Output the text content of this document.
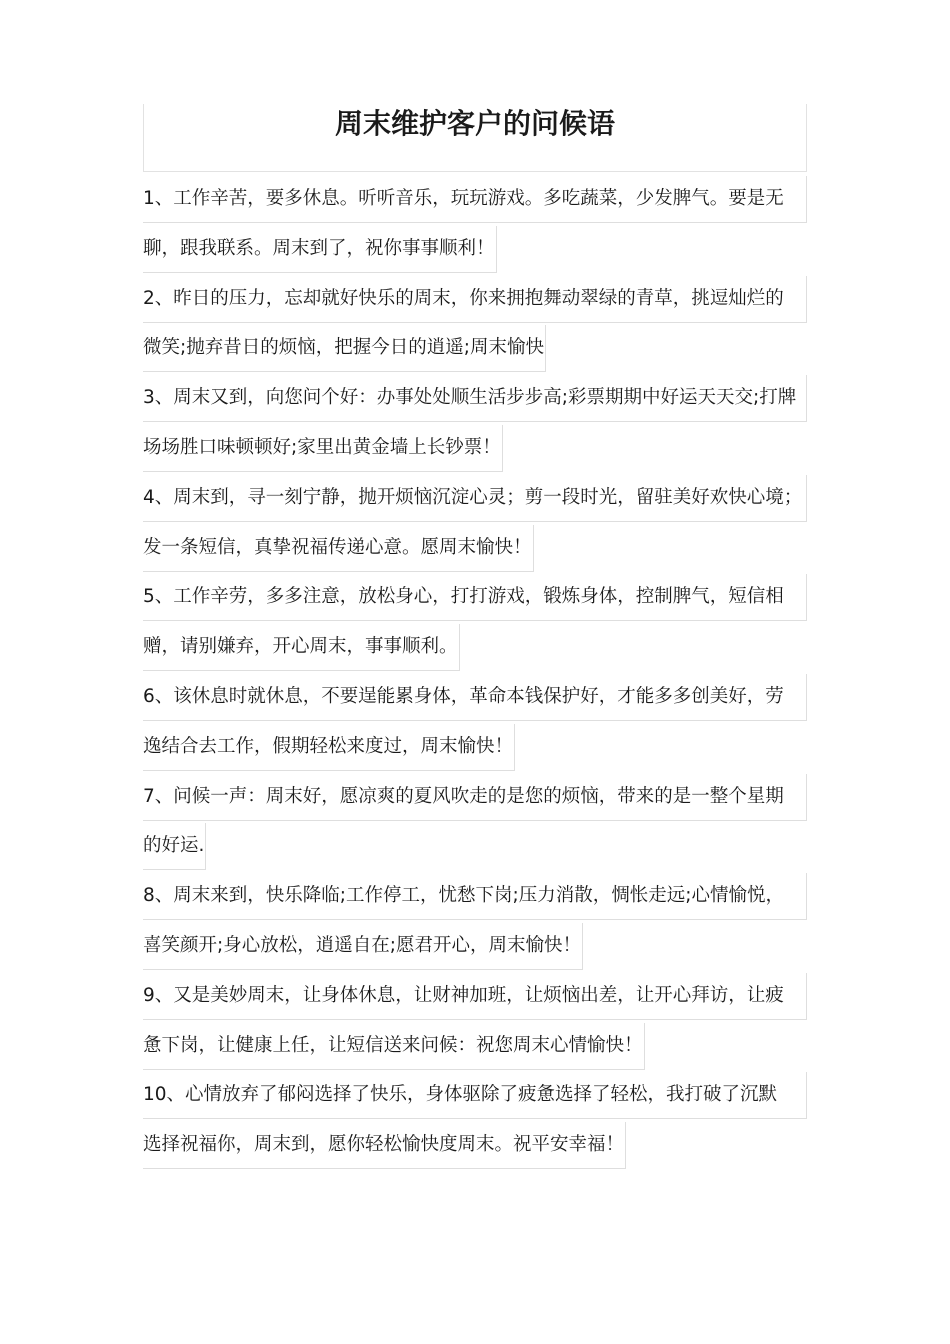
周末维护客户的问候语
1、工作辛苦，要多休息。听听音乐，玩玩游戏。多吃蔬菜，少发脾气。要是无
聊，跟我联系。周末到了，祝你事事顺利！
2、昨日的压力，忘却就好快乐的周末，你来拥抱舞动翠绿的青草，挑逗灿烂的
微笑;抛弃昔日的烦恼，把握今日的逍遥;周末愉快
3、周末又到，向您问个好：办事处处顺生活步步高;彩票期期中好运天天交;打牌
场场胜口味顿顿好;家里出黄金墙上长钞票！
4、周末到，寻一刻宁静，抛开烦恼沉淀心灵；剪一段时光，留驻美好欢快心境；
发一条短信，真挚祝福传递心意。愿周末愉快！
5、工作辛劳，多多注意，放松身心，打打游戏，锻炼身体，控制脾气，短信相
赠，请别嫌弃，开心周末，事事顺利。
6、该休息时就休息，不要逞能累身体，革命本钱保护好，才能多多创美好，劳
逸结合去工作，假期轻松来度过，周末愉快！
7、问候一声：周末好，愿凉爽的夏风吹走的是您的烦恼，带来的是一整个星期
的好运.
8、周末来到，快乐降临;工作停工，忧愁下岗;压力消散，惆怅走远;心情愉悦，
喜笑颜开;身心放松，逍遥自在;愿君开心，周末愉快！
9、又是美妙周末，让身体休息，让财神加班，让烦恼出差，让开心拜访，让疲
惫下岗，让健康上任，让短信送来问候：祝您周末心情愉快！
10、心情放弃了郁闷选择了快乐，身体驱除了疲惫选择了轻松，我打破了沉默
选择祝福你，周末到，愿你轻松愉快度周末。祝平安幸福！
